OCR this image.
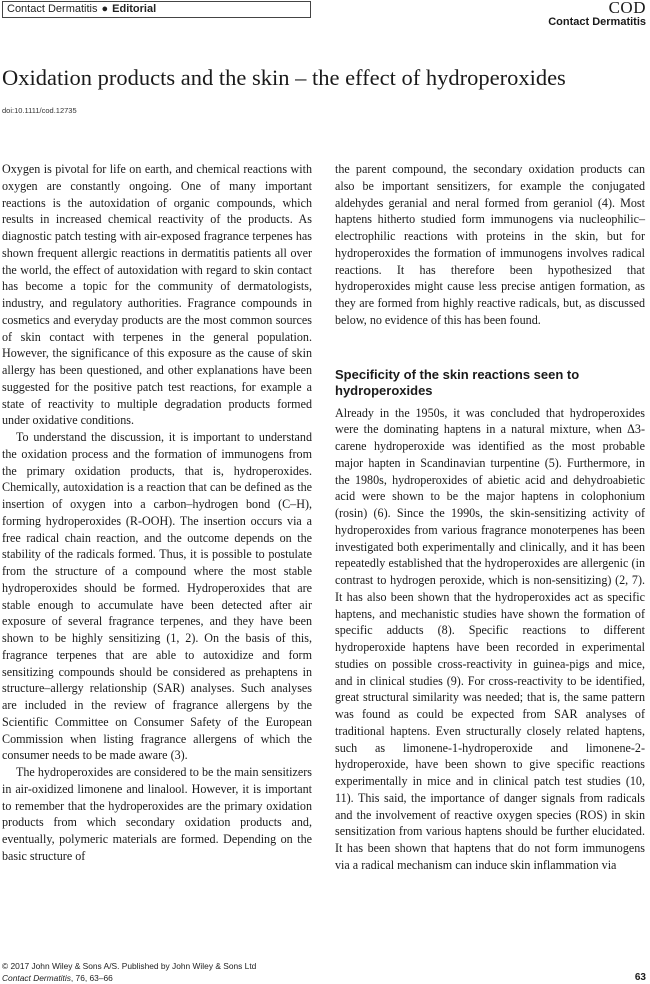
Contact Dermatitis ● Editorial	COD
Contact Dermatitis
Oxidation products and the skin – the effect of hydroperoxides
doi:10.1111/cod.12735

Oxygen is pivotal for life on earth, and chemical reactions with oxygen are constantly ongoing. One of many important reactions is the autoxidation of organic compounds, which results in increased chemical reactivity of the products. As diagnostic patch testing with air-exposed fragrance terpenes has shown frequent allergic reactions in dermatitis patients all over the world, the effect of autoxidation with regard to skin contact has become a topic for the community of dermatologists, industry, and regulatory authorities. Fragrance compounds in cosmetics and everyday products are the most common sources of skin contact with terpenes in the general population. However, the significance of this exposure as the cause of skin allergy has been questioned, and other explanations have been suggested for the positive patch test reactions, for example a state of reactivity to multiple degradation products formed under oxidative conditions.

To understand the discussion, it is important to understand the oxidation process and the formation of immunogens from the primary oxidation products, that is, hydroperoxides. Chemically, autoxidation is a reaction that can be defined as the insertion of oxygen into a carbon–hydrogen bond (C–H), forming hydroperoxides (R-OOH). The insertion occurs via a free radical chain reaction, and the outcome depends on the stability of the radicals formed. Thus, it is possible to postulate from the structure of a compound where the most stable hydroperoxides should be formed. Hydroperoxides that are stable enough to accumulate have been detected after air exposure of several fragrance terpenes, and they have been shown to be highly sensitizing (1, 2). On the basis of this, fragrance terpenes that are able to autoxidize and form sensitizing compounds should be considered as prehaptens in structure–allergy relationship (SAR) analyses. Such analyses are included in the review of fragrance allergens by the Scientific Committee on Consumer Safety of the European Commission when listing fragrance allergens of which the consumer needs to be made aware (3).

The hydroperoxides are considered to be the main sensitizers in air-oxidized limonene and linalool. However, it is important to remember that the hydroperoxides are the primary oxidation products from which secondary oxidation products and, eventually, polymeric materials are formed. Depending on the basic structure of

the parent compound, the secondary oxidation products can also be important sensitizers, for example the conjugated aldehydes geranial and neral formed from geraniol (4). Most haptens hitherto studied form immunogens via nucleophilic–electrophilic reactions with proteins in the skin, but for hydroperoxides the formation of immunogens involves radical reactions. It has therefore been hypothesized that hydroperoxides might cause less precise antigen formation, as they are formed from highly reactive radicals, but, as discussed below, no evidence of this has been found.

Specificity of the skin reactions seen to hydroperoxides

Already in the 1950s, it was concluded that hydroperoxides were the dominating haptens in a natural mixture, when Δ3-carene hydroperoxide was identified as the most probable major hapten in Scandinavian turpentine (5). Furthermore, in the 1980s, hydroperoxides of abietic acid and dehydroabietic acid were shown to be the major haptens in colophonium (rosin) (6). Since the 1990s, the skin-sensitizing activity of hydroperoxides from various fragrance monoterpenes has been investigated both experimentally and clinically, and it has been repeatedly established that the hydroperoxides are allergenic (in contrast to hydrogen peroxide, which is non-sensitizing) (2, 7). It has also been shown that the hydroperoxides act as specific haptens, and mechanistic studies have shown the formation of specific adducts (8). Specific reactions to different hydroperoxide haptens have been recorded in experimental studies on possible cross-reactivity in guinea-pigs and mice, and in clinical studies (9). For cross-reactivity to be identified, great structural similarity was needed; that is, the same pattern was found as could be expected from SAR analyses of traditional haptens. Even structurally closely related haptens, such as limonene-1-hydroperoxide and limonene-2-hydroperoxide, have been shown to give specific reactions experimentally in mice and in clinical patch test studies (10, 11). This said, the importance of danger signals from radicals and the involvement of reactive oxygen species (ROS) in skin sensitization from various haptens should be further elucidated. It has been shown that haptens that do not form immunogens via a radical mechanism can induce skin inflammation via

© 2017 John Wiley & Sons A/S. Published by John Wiley & Sons Ltd
Contact Dermatitis, 76, 63–66	63
